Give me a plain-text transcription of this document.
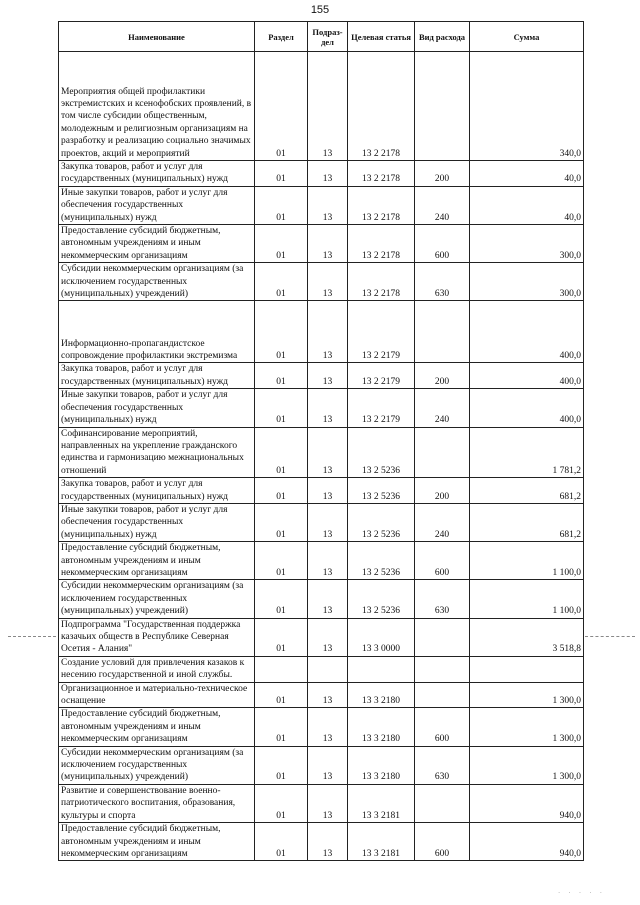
155
Наименование	Раздел	Подраз-дел	Целевая статья	Вид расхода	Сумма
Мероприятия общей профилактики экстремистских и ксенофобских проявлений, в том числе субсидии общественным, молодежным и религиозным организациям на разработку и реализацию социально значимых проектов, акций и мероприятий	01	13	13 2 2178		340,0
Закупка товаров, работ и услуг для государственных (муниципальных) нужд	01	13	13 2 2178	200	40,0
Иные закупки товаров, работ и услуг для обеспечения государственных (муниципальных) нужд	01	13	13 2 2178	240	40,0
Предоставление субсидий бюджетным, автономным учреждениям и иным некоммерческим организациям	01	13	13 2 2178	600	300,0
Субсидии некоммерческим организациям (за исключением государственных (муниципальных) учреждений)	01	13	13 2 2178	630	300,0
Информационно-пропагандистское сопровождение профилактики экстремизма	01	13	13 2 2179		400,0
Закупка товаров, работ и услуг для государственных (муниципальных) нужд	01	13	13 2 2179	200	400,0
Иные закупки товаров, работ и услуг для обеспечения государственных (муниципальных) нужд	01	13	13 2 2179	240	400,0
Софинансирование мероприятий, направленных на укрепление гражданского единства и гармонизацию межнациональных отношений	01	13	13 2 5236		1 781,2
Закупка товаров, работ и услуг для государственных (муниципальных) нужд	01	13	13 2 5236	200	681,2
Иные закупки товаров, работ и услуг для обеспечения государственных (муниципальных) нужд	01	13	13 2 5236	240	681,2
Предоставление субсидий бюджетным, автономным учреждениям и иным некоммерческим организациям	01	13	13 2 5236	600	1 100,0
Субсидии некоммерческим организациям (за исключением государственных (муниципальных) учреждений)	01	13	13 2 5236	630	1 100,0
Подпрограмма "Государственная поддержка казачьих обществ в Республике Северная Осетия - Алания"	01	13	13 3 0000		3 518,8
Создание условий для привлечения казаков к несению государственной и иной службы.					
Организационное и материально-техническое оснащение	01	13	13 3 2180		1 300,0
Предоставление субсидий бюджетным, автономным учреждениям и иным некоммерческим организациям	01	13	13 3 2180	600	1 300,0
Субсидии некоммерческим организациям (за исключением государственных (муниципальных) учреждений)	01	13	13 3 2180	630	1 300,0
Развитие и совершенствование военно-патриотического воспитания, образования, культуры и спорта	01	13	13 3 2181		940,0
Предоставление субсидий бюджетным, автономным учреждениям и иным некоммерческим организациям	01	13	13 3 2181	600	940,0
· · · · ·
